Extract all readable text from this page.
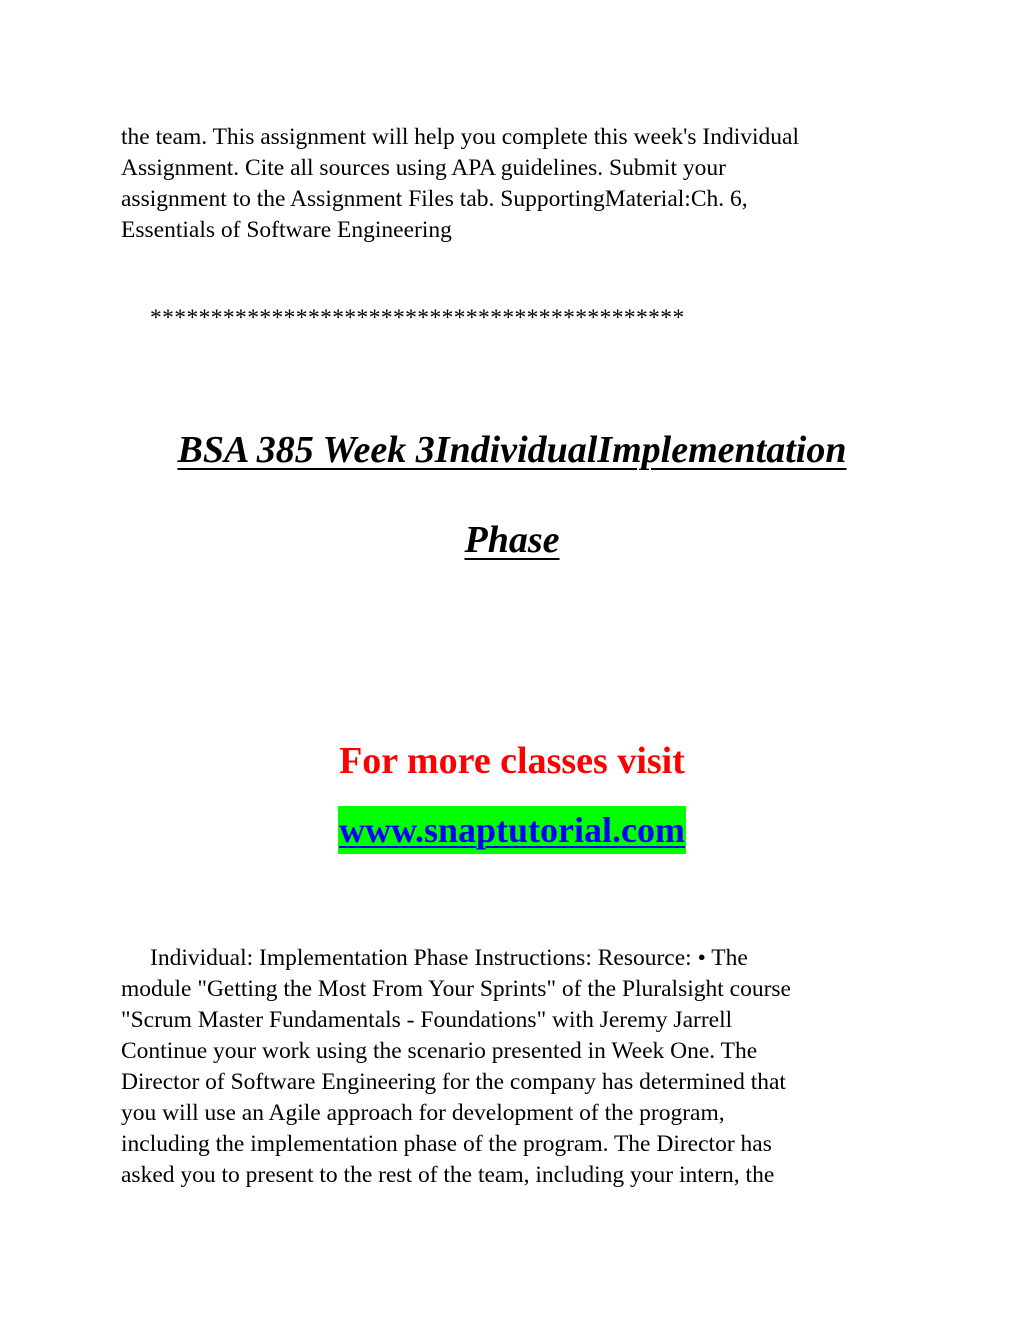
the team. This assignment will help you complete this week's Individual
Assignment. Cite all sources using APA guidelines. Submit your
assignment to the Assignment Files tab. SupportingMaterial:Ch. 6,
Essentials of Software Engineering
********************************************
BSA 385 Week 3IndividualImplementation
Phase
For more classes visit
www.snaptutorial.com
Individual: Implementation Phase Instructions: Resource: • The
module "Getting the Most From Your Sprints" of the Pluralsight course
"Scrum Master Fundamentals - Foundations" with Jeremy Jarrell
Continue your work using the scenario presented in Week One. The
Director of Software Engineering for the company has determined that
you will use an Agile approach for development of the program,
including the implementation phase of the program. The Director has
asked you to present to the rest of the team, including your intern, the
